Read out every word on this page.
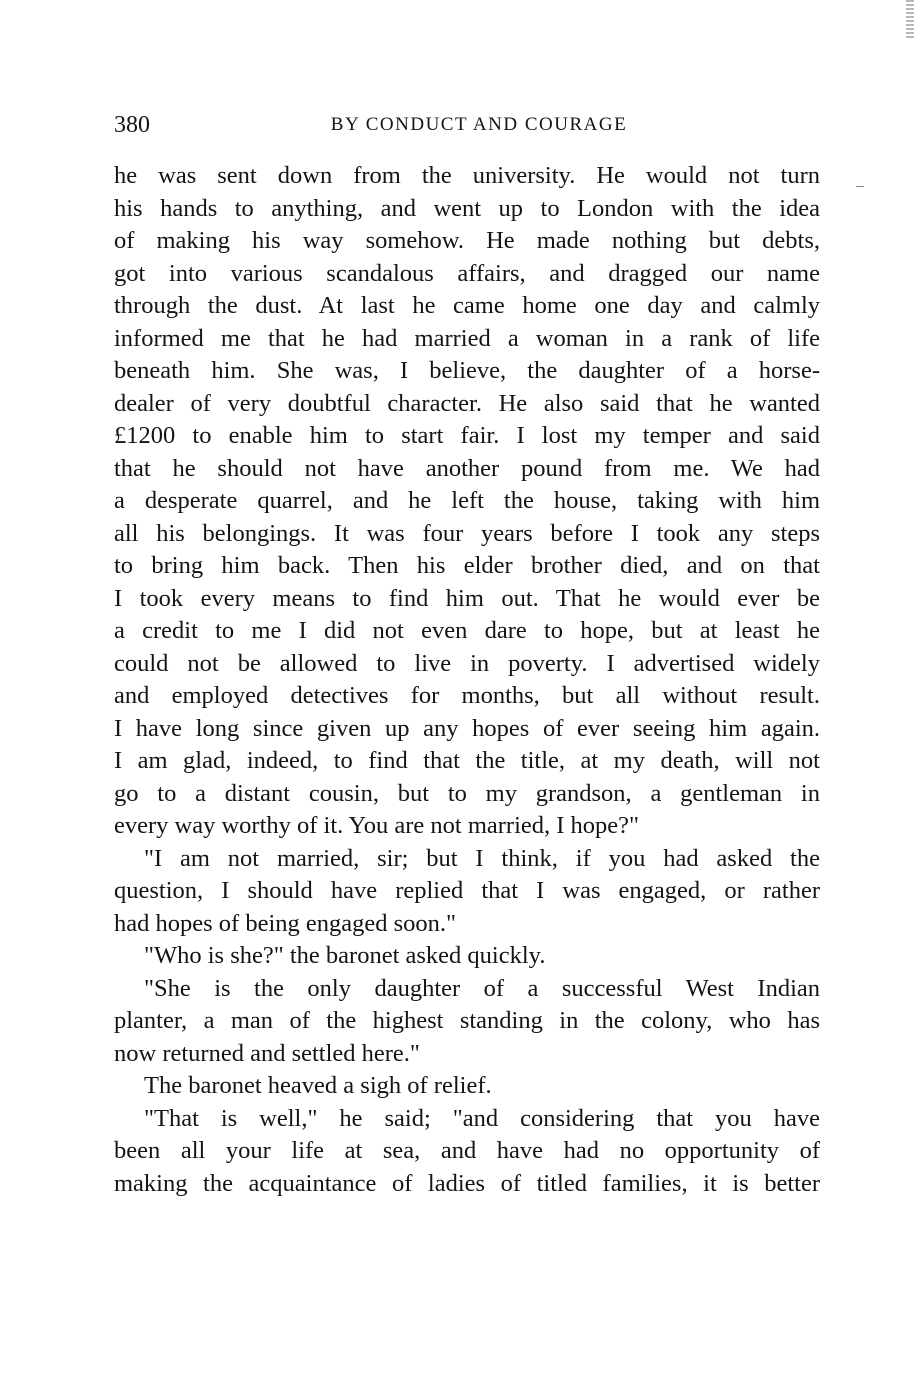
380	BY CONDUCT AND COURAGE
he was sent down from the university. He would not turn
his hands to anything, and went up to London with the idea
of making his way somehow. He made nothing but debts,
got into various scandalous affairs, and dragged our name
through the dust. At last he came home one day and calmly
informed me that he had married a woman in a rank of life
beneath him. She was, I believe, the daughter of a horse-
dealer of very doubtful character. He also said that he wanted
£1200 to enable him to start fair. I lost my temper and said
that he should not have another pound from me. We had
a desperate quarrel, and he left the house, taking with him
all his belongings. It was four years before I took any steps
to bring him back. Then his elder brother died, and on that
I took every means to find him out. That he would ever be
a credit to me I did not even dare to hope, but at least he
could not be allowed to live in poverty. I advertised widely
and employed detectives for months, but all without result.
I have long since given up any hopes of ever seeing him again.
I am glad, indeed, to find that the title, at my death, will not
go to a distant cousin, but to my grandson, a gentleman in
every way worthy of it. You are not married, I hope?"
"I am not married, sir; but I think, if you had asked the
question, I should have replied that I was engaged, or rather
had hopes of being engaged soon."
"Who is she?" the baronet asked quickly.
"She is the only daughter of a successful West Indian
planter, a man of the highest standing in the colony, who has
now returned and settled here."
The baronet heaved a sigh of relief.
"That is well," he said; "and considering that you have
been all your life at sea, and have had no opportunity of
making the acquaintance of ladies of titled families, it is better
